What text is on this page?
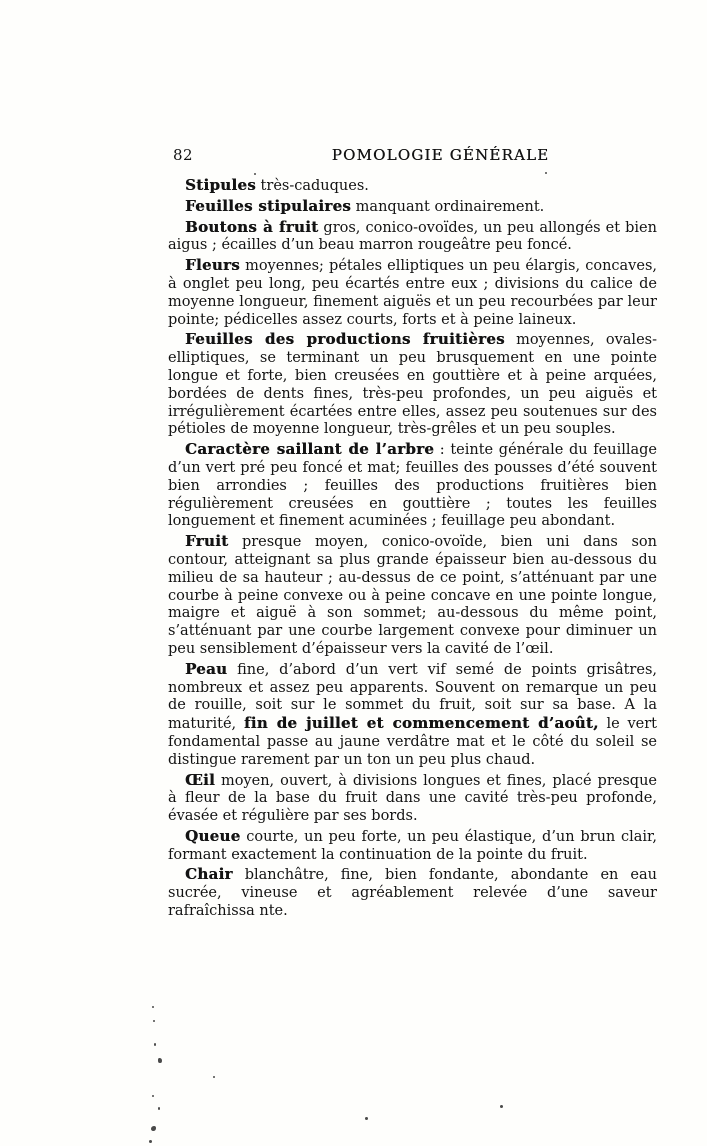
82	POMOLOGIE GÉNÉRALE

Stipules très-caduques.

Feuilles stipulaires manquant ordinairement.

Boutons à fruit gros, conico-ovoïdes, un peu allongés et bien aigus ; écailles d’un beau marron rougeâtre peu foncé.

Fleurs moyennes; pétales elliptiques un peu élargis, concaves, à onglet peu long, peu écartés entre eux ; divisions du calice de moyenne longueur, finement aiguës et un peu recourbées par leur pointe; pédicelles assez courts, forts et à peine laineux.

Feuilles des productions fruitières moyennes, ovales-elliptiques, se terminant un peu brusquement en une pointe longue et forte, bien creusées en gouttière et à peine arquées, bordées de dents fines, très-peu profondes, un peu aiguës et irrégulièrement écartées entre elles, assez peu soutenues sur des pétioles de moyenne longueur, très-grêles et un peu souples.

Caractère saillant de l’arbre : teinte générale du feuillage d’un vert pré peu foncé et mat; feuilles des pousses d’été souvent bien arrondies ; feuilles des productions fruitières bien régulièrement creusées en gouttière ; toutes les feuilles longuement et finement acuminées ; feuillage peu abondant.

Fruit presque moyen, conico-ovoïde, bien uni dans son contour, atteignant sa plus grande épaisseur bien au-dessous du milieu de sa hauteur ; au-dessus de ce point, s’atténuant par une courbe à peine convexe ou à peine concave en une pointe longue, maigre et aiguë à son sommet; au-dessous du même point, s’atténuant par une courbe largement convexe pour diminuer un peu sensiblement d’épaisseur vers la cavité de l’œil.

Peau fine, d’abord d’un vert vif semé de points grisâtres, nombreux et assez peu apparents. Souvent on remarque un peu de rouille, soit sur le sommet du fruit, soit sur sa base. A la maturité, fin de juillet et commencement d’août, le vert fondamental passe au jaune verdâtre mat et le côté du soleil se distingue rarement par un ton un peu plus chaud.

Œil moyen, ouvert, à divisions longues et fines, placé presque à fleur de la base du fruit dans une cavité très-peu profonde, évasée et régulière par ses bords.

Queue courte, un peu forte, un peu élastique, d’un brun clair, formant exactement la continuation de la pointe du fruit.

Chair blanchâtre, fine, bien fondante, abondante en eau sucrée, vineuse et agréablement relevée d’une saveur rafraîchissa nte.
